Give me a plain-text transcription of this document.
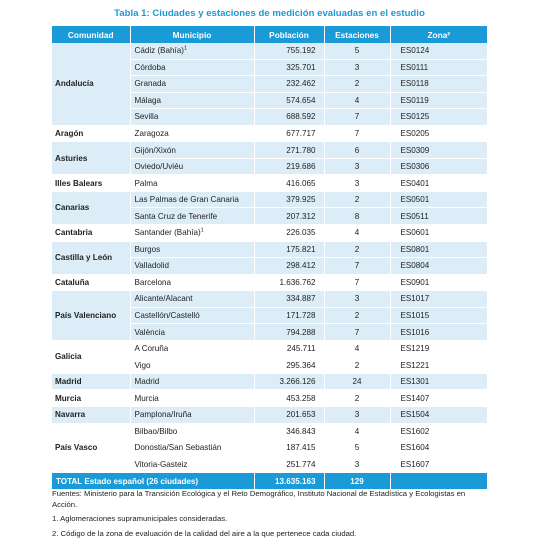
Tabla 1: Ciudades y estaciones de medición evaluadas en el estudio
Comunidad	Municipio	Población	Estaciones	Zona²
Andalucía	Cádiz (Bahía)$^1$	755.192	5	ES0124
	Córdoba	325.701	3	ES0111
	Granada	232.462	2	ES0118
	Málaga	574.654	4	ES0119
	Sevilla	688.592	7	ES0125
Aragón	Zaragoza	677.717	7	ES0205
Asturies	Gijón/Xixón	271.780	6	ES0309
	Oviedo/Uviéu	219.686	3	ES0306
Illes Balears	Palma	416.065	3	ES0401
Canarias	Las Palmas de Gran Canaria	379.925	2	ES0501
	Santa Cruz de Tenerife	207.312	8	ES0511
Cantabria	Santander (Bahía)$^1$	226.035	4	ES0601
Castilla y León	Burgos	175.821	2	ES0801
	Valladolid	298.412	7	ES0804
Cataluña	Barcelona	1.636.762	7	ES0901
País Valenciano	Alicante/Alacant	334.887	3	ES1017
	Castellón/Castelló	171.728	2	ES1015
	València	794.288	7	ES1016
Galicia	A Coruña	245.711	4	ES1219
	Vigo	295.364	2	ES1221
Madrid	Madrid	3.266.126	24	ES1301
Murcia	Murcia	453.258	2	ES1407
Navarra	Pamplona/Iruña	201.653	3	ES1504
País Vasco	Bilbao/Bilbo	346.843	4	ES1602
	Donostia/San Sebastián	187.415	5	ES1604
	Vitoria-Gasteiz	251.774	3	ES1607
TOTAL Estado español (26 ciudades)		13.635.163	129	

Fuentes: Ministerio para la Transición Ecológica y el Reto Demográfico, Instituto Nacional de Estadística y Ecologistas en Acción.

1. Aglomeraciones supramunicipales consideradas.

2. Código de la zona de evaluación de la calidad del aire a la que pertenece cada ciudad.
